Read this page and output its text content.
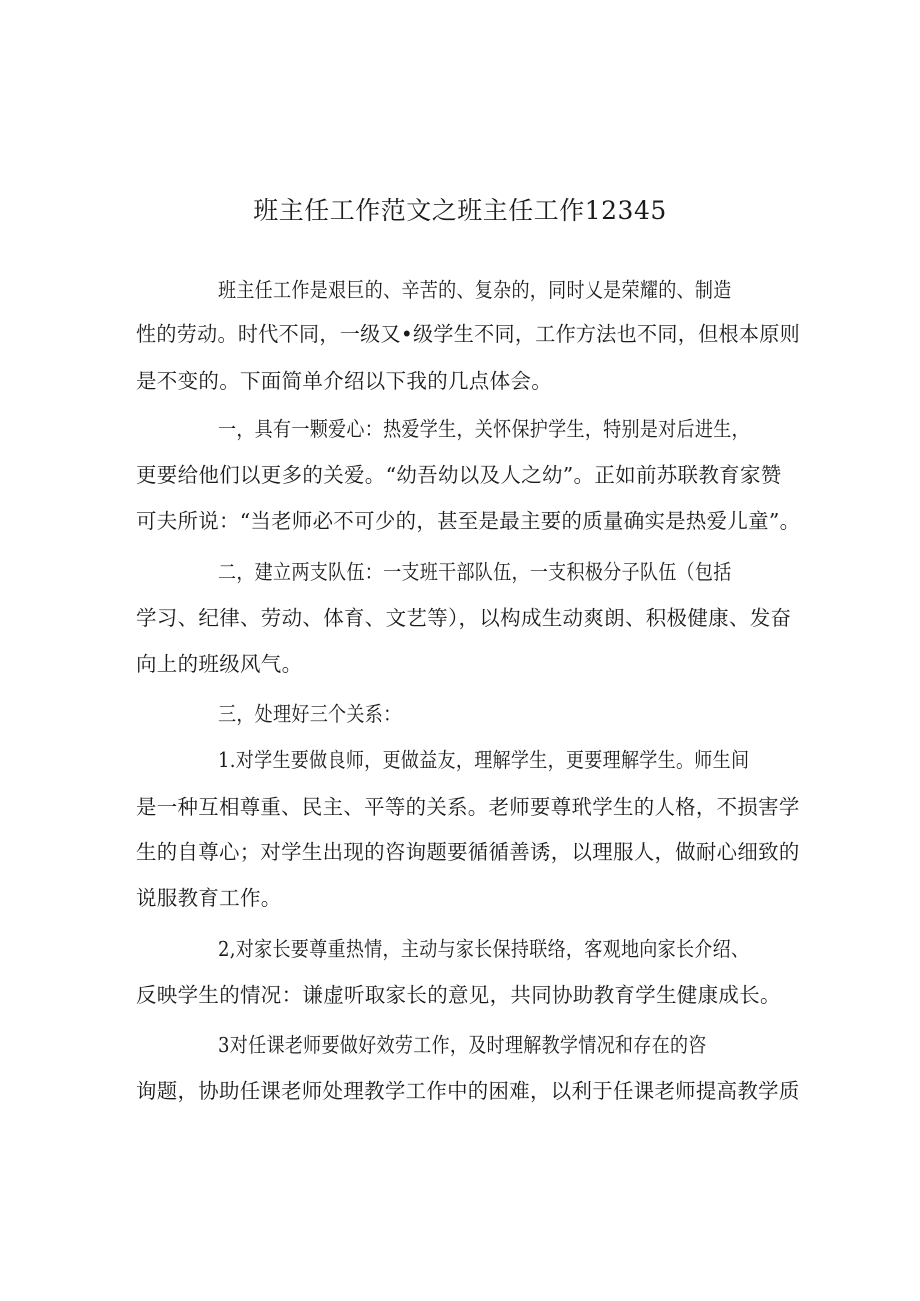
班主任工作范文之班主任工作12345
班主任工作是艰巨的、辛苦的、复杂的，同时乂是荣耀的、制造
性的劳动。时代不同，一级又•级学生不同，工作方法也不同，但根本原则
是不变的。下面简单介绍以下我的几点体会。
一，具有一颗爱心：热爱学生，关怀保护学生，特别是对后进生，
更要给他们以更多的关爱。“幼吾幼以及人之幼”。正如前苏联教育家赞
可夫所说：“当老师必不可少的，甚至是最主要的质量确实是热爱儿童”。
二，建立两支队伍：一支班干部队伍，一支积极分子队伍（包括
学习、纪律、劳动、体育、文艺等），以构成生动爽朗、积极健康、发奋
向上的班级风气。
三，处理好三个关系：
1.对学生要做良师，更做益友，理解学生，更要理解学生。师生间
是一种互相尊重、民主、平等的关系。老师要尊玳学生的人格，不损害学
生的自尊心；对学生出现的咨询题要循循善诱，以理服人，做耐心细致的
说服教育工作。
2,对家长要尊重热情，主动与家长保持联络，客观地向家长介绍、
反映学生的情况：谦虚听取家长的意见，共同协助教育学生健康成长。
3对任课老师要做好效劳工作，及时理解教学情况和存在的咨
询题，协助任课老师处理教学工作中的困难，以利于任课老师提高教学质
